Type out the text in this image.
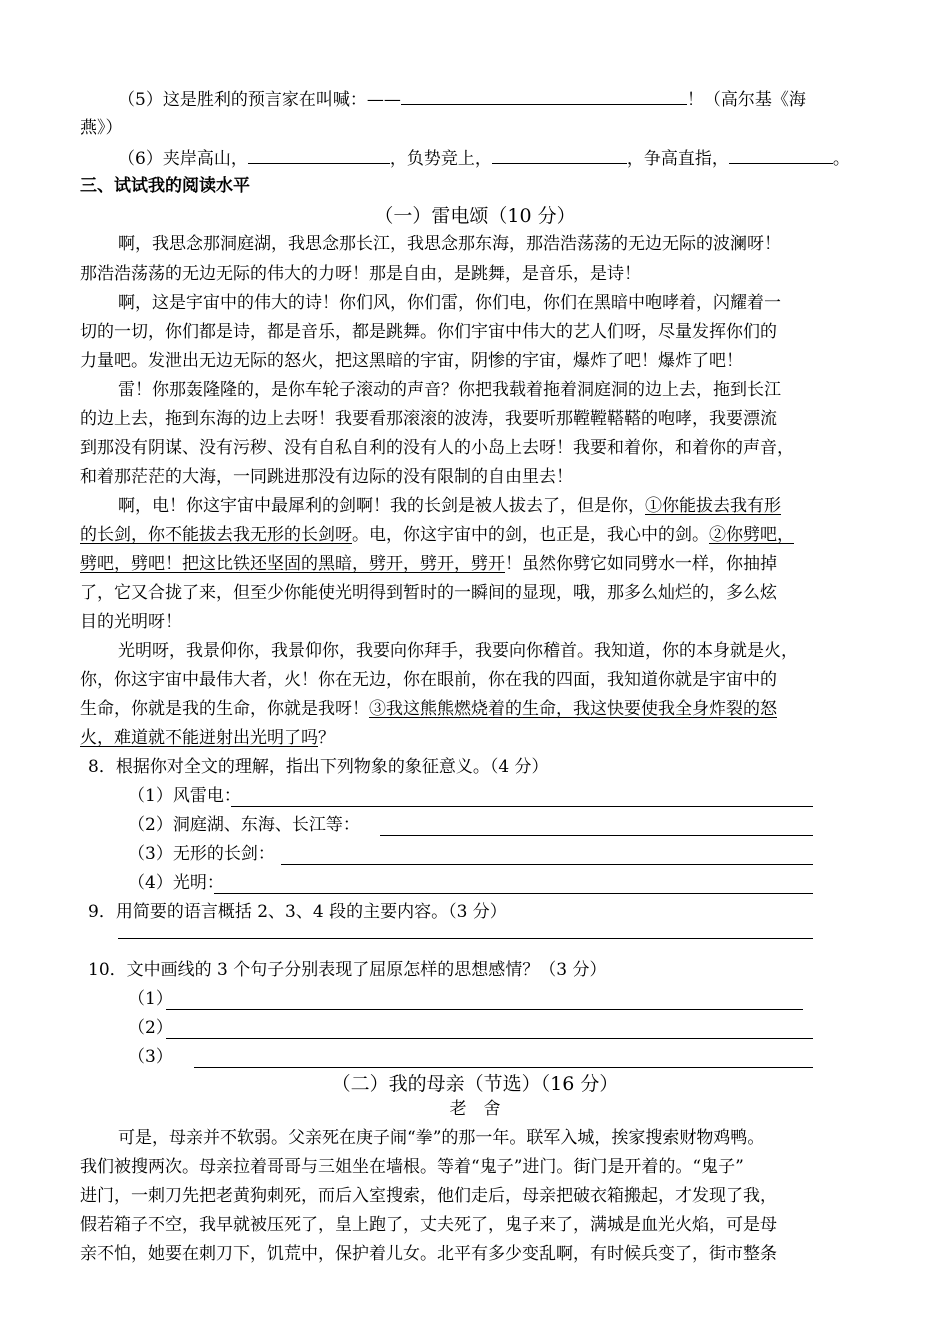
（5）这是胜利的预言家在叫喊：——	！（高尔基《海
燕》）
（6）夹岸高山，	，负势竞上，	，争高直指，	。
三、试试我的阅读水平
（一）雷电颂（10 分）
啊，我思念那洞庭湖，我思念那长江，我思念那东海，那浩浩荡荡的无边无际的波澜呀！
那浩浩荡荡的无边无际的伟大的力呀！那是自由，是跳舞，是音乐，是诗！
啊，这是宇宙中的伟大的诗！你们风，你们雷，你们电，你们在黑暗中咆哮着，闪耀着一
切的一切，你们都是诗，都是音乐，都是跳舞。你们宇宙中伟大的艺人们呀，尽量发挥你们的
力量吧。发泄出无边无际的怒火，把这黑暗的宇宙，阴惨的宇宙，爆炸了吧！爆炸了吧！
雷！你那轰隆隆的，是你车轮子滚动的声音？你把我载着拖着洞庭洞的边上去，拖到长江
的边上去，拖到东海的边上去呀！我要看那滚滚的波涛，我要听那鞺鞺鞳鞳的咆哮，我要漂流
到那没有阴谋、没有污秽、没有自私自利的没有人的小岛上去呀！我要和着你，和着你的声音，
和着那茫茫的大海，一同跳进那没有边际的没有限制的自由里去！
啊，电！你这宇宙中最犀利的剑啊！我的长剑是被人拔去了，但是你，①你能拔去我有形
的长剑，你不能拔去我无形的长剑呀。电，你这宇宙中的剑，也正是，我心中的剑。②你劈吧，
劈吧，劈吧！把这比铁还坚固的黑暗，劈开，劈开，劈开！虽然你劈它如同劈水一样，你抽掉
了，它又合拢了来，但至少你能使光明得到暂时的一瞬间的显现，哦，那多么灿烂的，多么炫
目的光明呀！
光明呀，我景仰你，我景仰你，我要向你拜手，我要向你稽首。我知道，你的本身就是火，
你，你这宇宙中最伟大者，火！你在无边，你在眼前，你在我的四面，我知道你就是宇宙中的
生命，你就是我的生命，你就是我呀！③我这熊熊燃烧着的生命，我这快要使我全身炸裂的怒
火，难道就不能迸射出光明了吗？
8．根据你对全文的理解，指出下列物象的象征意义。（4 分）
（1）风雷电：
（2）洞庭湖、东海、长江等：
（3）无形的长剑：
（4）光明：
9．用简要的语言概括 2、3、4 段的主要内容。（3 分）
10．文中画线的 3 个句子分别表现了屈原怎样的思想感情？（3 分）
（1）
（2）
（3）
（二）我的母亲（节选）（16 分）
老　舍
可是，母亲并不软弱。父亲死在庚子闹“拳”的那一年。联军入城，挨家搜索财物鸡鸭。
我们被搜两次。母亲拉着哥哥与三姐坐在墙根。等着“鬼子”进门。街门是开着的。“鬼子”
进门，一刺刀先把老黄狗刺死，而后入室搜索，他们走后，母亲把破衣箱搬起，才发现了我，
假若箱子不空，我早就被压死了，皇上跑了，丈夫死了，鬼子来了，满城是血光火焰，可是母
亲不怕，她要在刺刀下，饥荒中，保护着儿女。北平有多少变乱啊，有时候兵变了，街市整条
